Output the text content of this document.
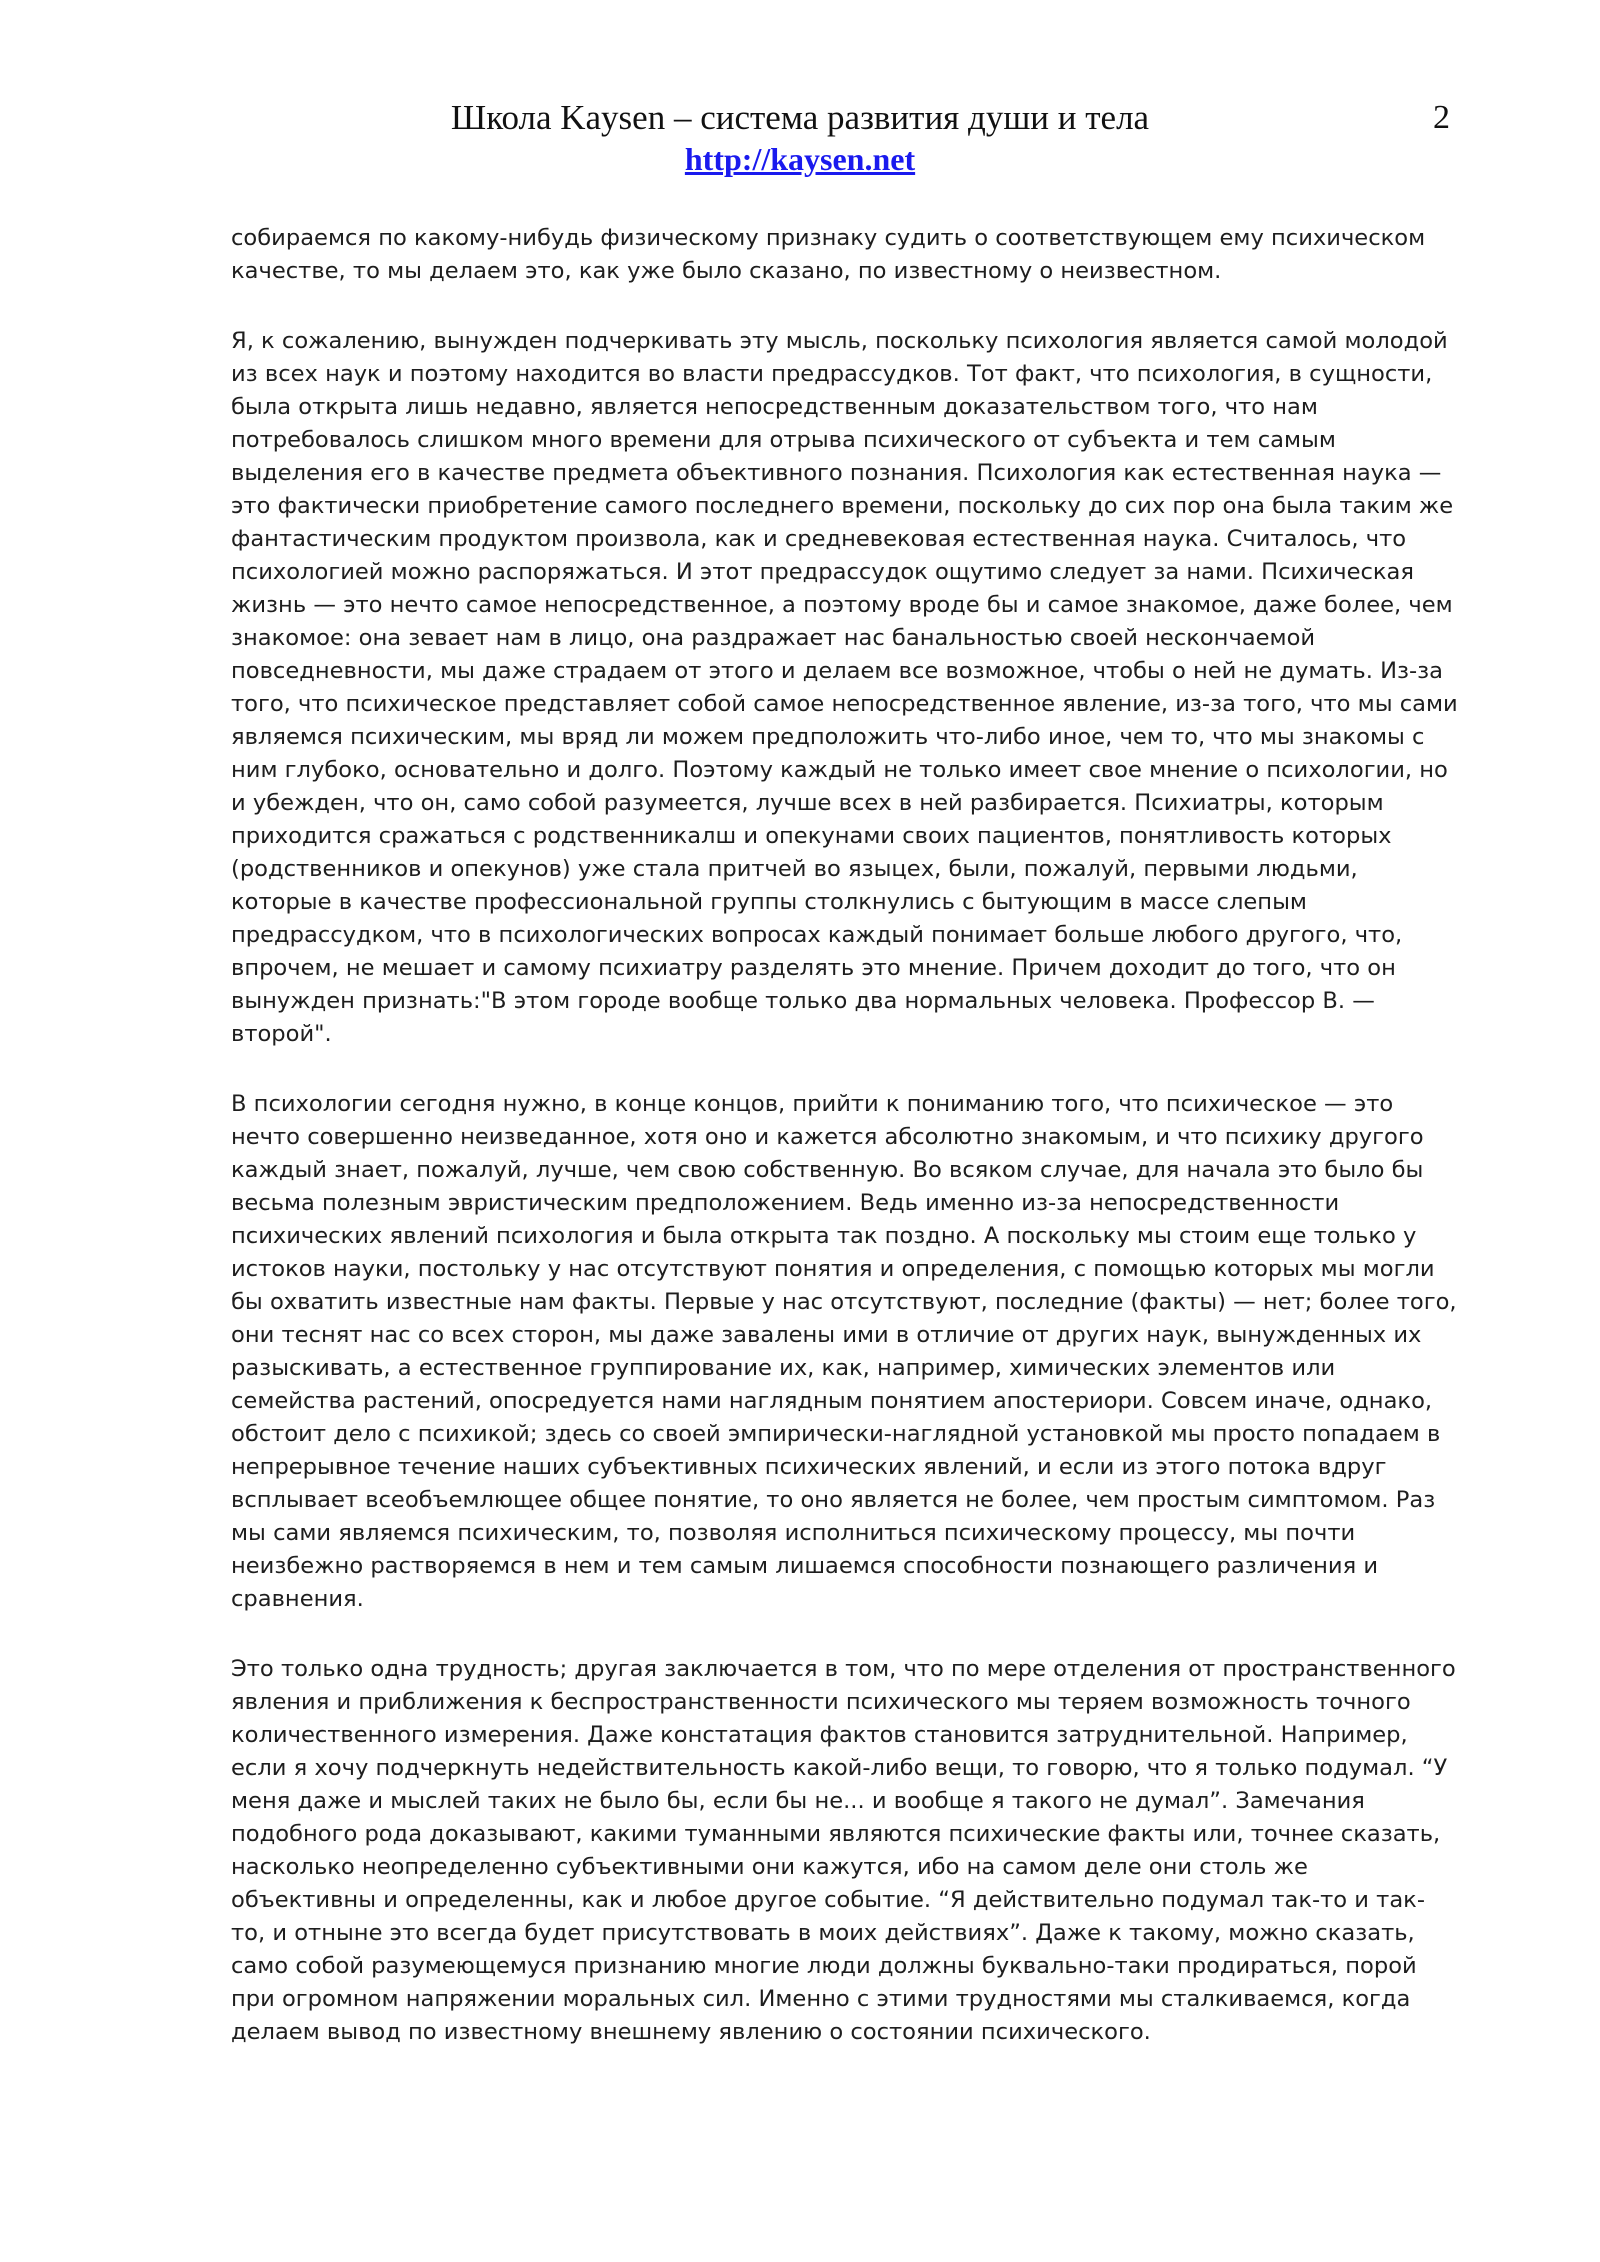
Школа Kaysen – система развития души и тела
http://kaysen.net
2

собираемся по какому-нибудь физическому признаку судить о соответствующем ему психическом качестве, то мы делаем это, как уже было сказано, по известному о неизвестном.

Я, к сожалению, вынужден подчеркивать эту мысль, поскольку психология является самой молодой из всех наук и поэтому находится во власти предрассудков. Тот факт, что психология, в сущности, была открыта лишь недавно, является непосредственным доказательством того, что нам потребовалось слишком много времени для отрыва психического от субъекта и тем самым выделения его в качестве предмета объективного познания. Психология как естественная наука — это фактически приобретение самого последнего времени, поскольку до сих пор она была таким же фантастическим продуктом произвола, как и средневековая естественная наука. Считалось, что психологией можно распоряжаться. И этот предрассудок ощутимо следует за нами. Психическая жизнь — это нечто самое непосредственное, а поэтому вроде бы и самое знакомое, даже более, чем знакомое: она зевает нам в лицо, она раздражает нас банальностью своей нескончаемой повседневности, мы даже страдаем от этого и делаем все возможное, чтобы о ней не думать. Из-за того, что психическое представляет собой самое непосредственное явление, из-за того, что мы сами являемся психическим, мы вряд ли можем предположить что-либо иное, чем то, что мы знакомы с ним глубоко, основательно и долго. Поэтому каждый не только имеет свое мнение о психологии, но и убежден, что он, само собой разумеется, лучше всех в ней разбирается. Психиатры, которым приходится сражаться с родственникалш и опекунами своих пациентов, понятливость которых (родственников и опекунов) уже стала притчей во языцех, были, пожалуй, первыми людьми, которые в качестве профессиональной группы столкнулись с бытующим в массе слепым предрассудком, что в психологических вопросах каждый понимает больше любого другого, что, впрочем, не мешает и самому психиатру разделять это мнение. Причем доходит до того, что он вынужден признать:"В этом городе вообще только два нормальных человека. Профессор В. — второй".

В психологии сегодня нужно, в конце концов, прийти к пониманию того, что психическое — это нечто совершенно неизведанное, хотя оно и кажется абсолютно знакомым, и что психику другого каждый знает, пожалуй, лучше, чем свою собственную. Во всяком случае, для начала это было бы весьма полезным эвристическим предположением. Ведь именно из-за непосредственности психических явлений психология и была открыта так поздно. А поскольку мы стоим еще только у истоков науки, постольку у нас отсутствуют понятия и определения, с помощью которых мы могли бы охватить известные нам факты. Первые у нас отсутствуют, последние (факты) — нет; более того, они теснят нас со всех сторон, мы даже завалены ими в отличие от других наук, вынужденных их разыскивать, а естественное группирование их, как, например, химических элементов или семейства растений, опосредуется нами наглядным понятием апостериори. Совсем иначе, однако, обстоит дело с психикой; здесь со своей эмпирически-наглядной установкой мы просто попадаем в непрерывное течение наших субъективных психических явлений, и если из этого потока вдруг всплывает всеобъемлющее общее понятие, то оно является не более, чем простым симптомом. Раз мы сами являемся психическим, то, позволяя исполниться психическому процессу, мы почти неизбежно растворяемся в нем и тем самым лишаемся способности познающего различения и сравнения.

Это только одна трудность; другая заключается в том, что по мере отделения от пространственного явления и приближения к беспространственности психического мы теряем возможность точного количественного измерения. Даже констатация фактов становится затруднительной. Например, если я хочу подчеркнуть недействительность какой-либо вещи, то говорю, что я только подумал. “У меня даже и мыслей таких не было бы, если бы не... и вообще я такого не думал”. Замечания подобного рода доказывают, какими туманными являются психические факты или, точнее сказать, насколько неопределенно субъективными они кажутся, ибо на самом деле они столь же объективны и определенны, как и любое другое событие. “Я действительно подумал так-то и так-то, и отныне это всегда будет присутствовать в моих действиях”. Даже к такому, можно сказать, само собой разумеющемуся признанию многие люди должны буквально-таки продираться, порой при огромном напряжении моральных сил. Именно с этими трудностями мы сталкиваемся, когда делаем вывод по известному внешнему явлению о состоянии психического.
